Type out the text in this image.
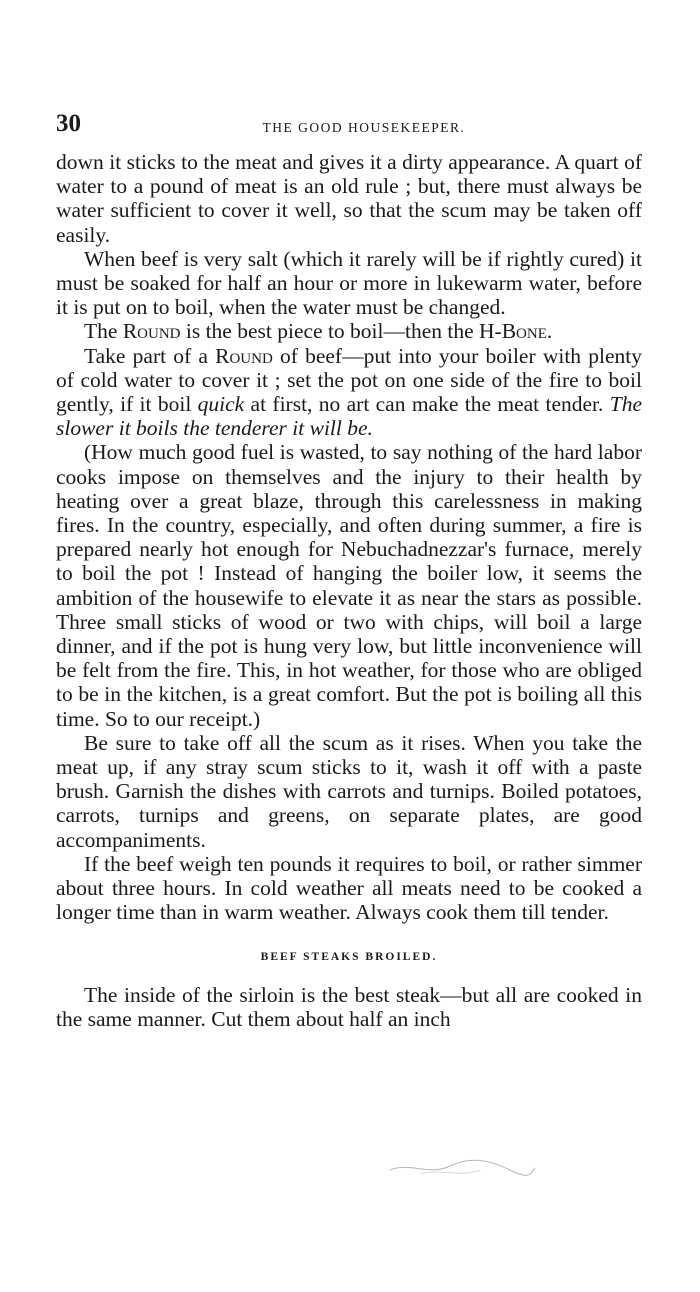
30	THE GOOD HOUSEKEEPER.

down it sticks to the meat and gives it a dirty appearance. A quart of water to a pound of meat is an old rule ; but, there must always be water sufficient to cover it well, so that the scum may be taken off easily.

When beef is very salt (which it rarely will be if rightly cured) it must be soaked for half an hour or more in lukewarm water, before it is put on to boil, when the water must be changed.

The Round is the best piece to boil—then the H-Bone.

Take part of a Round of beef—put into your boiler with plenty of cold water to cover it ; set the pot on one side of the fire to boil gently, if it boil quick at first, no art can make the meat tender. The slower it boils the tenderer it will be.

(How much good fuel is wasted, to say nothing of the hard labor cooks impose on themselves and the injury to their health by heating over a great blaze, through this carelessness in making fires. In the country, especially, and often during summer, a fire is prepared nearly hot enough for Nebuchadnezzar's furnace, merely to boil the pot ! Instead of hanging the boiler low, it seems the ambition of the housewife to elevate it as near the stars as possible. Three small sticks of wood or two with chips, will boil a large dinner, and if the pot is hung very low, but little inconvenience will be felt from the fire. This, in hot weather, for those who are obliged to be in the kitchen, is a great comfort. But the pot is boiling all this time. So to our receipt.)

Be sure to take off all the scum as it rises. When you take the meat up, if any stray scum sticks to it, wash it off with a paste brush. Garnish the dishes with carrots and turnips. Boiled potatoes, carrots, turnips and greens, on separate plates, are good accompaniments.

If the beef weigh ten pounds it requires to boil, or rather simmer about three hours. In cold weather all meats need to be cooked a longer time than in warm weather. Always cook them till tender.

BEEF STEAKS BROILED.

The inside of the sirloin is the best steak—but all are cooked in the same manner. Cut them about half an inch
